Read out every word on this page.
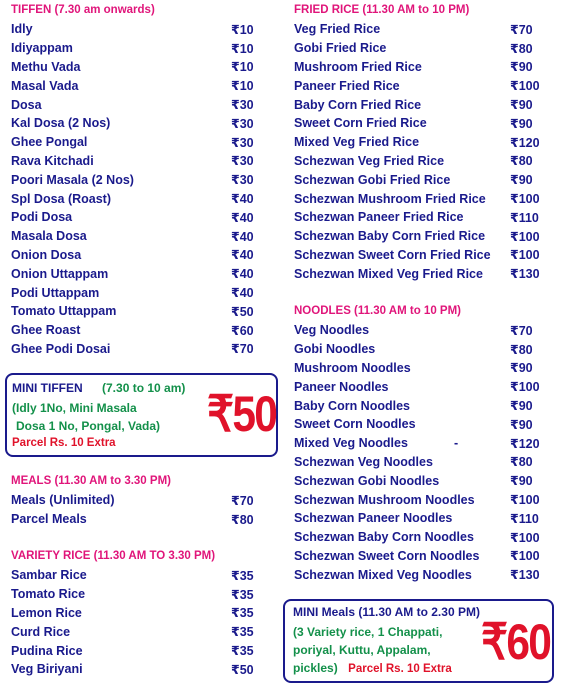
TIFFEN (7.30 am onwards)
Idly	₹10
Idiyappam	₹10
Methu Vada	₹10
Masal Vada	₹10
Dosa	₹30
Kal Dosa (2 Nos)	₹30
Ghee Pongal	₹30
Rava Kitchadi	₹30
Poori Masala (2 Nos)	₹30
Spl Dosa (Roast)	₹40
Podi Dosa	₹40
Masala Dosa	₹40
Onion Dosa	₹40
Onion Uttappam	₹40
Podi Uttappam	₹40
Tomato Uttappam	₹50
Ghee Roast	₹60
Ghee Podi Dosai	₹70
MINI TIFFEN (7.30 to 10 am)
(Idly 1No, Mini Masala
Dosa 1 No, Pongal, Vada)
Parcel Rs. 10 Extra
₹50
MEALS (11.30 AM to 3.30 PM)
Meals (Unlimited)	₹70
Parcel Meals	₹80
VARIETY RICE (11.30 AM TO 3.30 PM)
Sambar Rice	₹35
Tomato Rice	₹35
Lemon Rice	₹35
Curd Rice	₹35
Pudina Rice	₹35
Veg Biriyani	₹50
FRIED RICE (11.30 AM to 10 PM)
Veg Fried Rice	₹70
Gobi Fried Rice	₹80
Mushroom Fried Rice	₹90
Paneer Fried Rice	₹100
Baby Corn Fried Rice	₹90
Sweet Corn Fried Rice	₹90
Mixed Veg Fried Rice	₹120
Schezwan Veg Fried Rice	₹80
Schezwan Gobi Fried Rice	₹90
Schezwan Mushroom Fried Rice ₹100
Schezwan Paneer Fried Rice	₹110
Schezwan Baby Corn Fried Rice ₹100
Schezwan Sweet Corn Fried Rice ₹100
Schezwan Mixed Veg Fried Rice ₹130
NOODLES (11.30 AM to 10 PM)
Veg Noodles	₹70
Gobi Noodles	₹80
Mushroom Noodles	₹90
Paneer Noodles	₹100
Baby Corn Noodles	₹90
Sweet Corn Noodles	₹90
Mixed Veg Noodles	-	₹120
Schezwan Veg Noodles	₹80
Schezwan Gobi Noodles	₹90
Schezwan Mushroom Noodles	₹100
Schezwan Paneer Noodles	₹110
Schezwan Baby Corn Noodles	₹100
Schezwan Sweet Corn Noodles ₹100
Schezwan Mixed Veg Noodles	₹130
MINI Meals (11.30 AM to 2.30 PM)
(3 Variety rice, 1 Chappati,
poriyal, Kuttu, Appalam,
pickles) Parcel Rs. 10 Extra ₹60
